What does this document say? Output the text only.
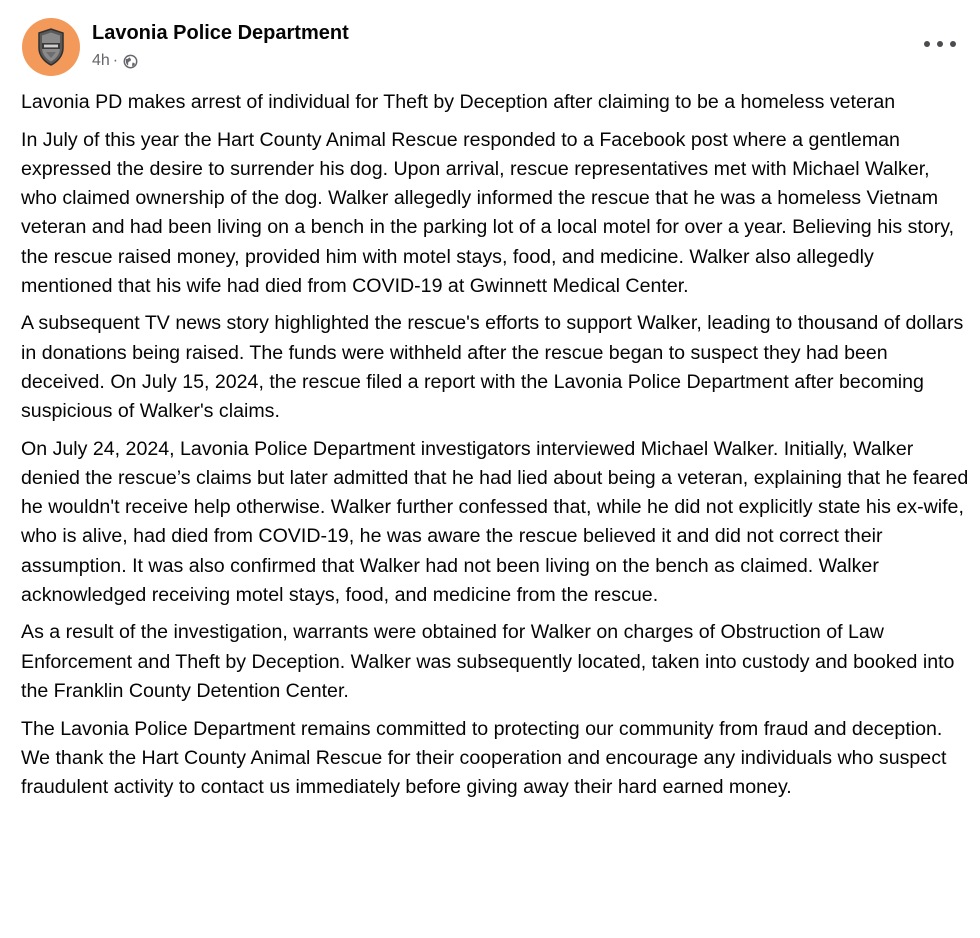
Lavonia Police Department
4h ·

Lavonia PD makes arrest of individual for Theft by Deception after claiming to be a homeless veteran

In July of this year the Hart County Animal Rescue responded to a Facebook post where a gentleman expressed the desire to surrender his dog. Upon arrival, rescue representatives met with Michael Walker, who claimed ownership of the dog. Walker allegedly informed the rescue that he was a homeless Vietnam veteran and had been living on a bench in the parking lot of a local motel for over a year. Believing his story, the rescue raised money, provided him with motel stays, food, and medicine. Walker also allegedly mentioned that his wife had died from COVID-19 at Gwinnett Medical Center.

A subsequent TV news story highlighted the rescue's efforts to support Walker, leading to thousand of dollars in donations being raised. The funds were withheld after the rescue began to suspect they had been deceived. On July 15, 2024, the rescue filed a report with the Lavonia Police Department after becoming suspicious of Walker's claims.

On July 24, 2024, Lavonia Police Department investigators interviewed Michael Walker. Initially, Walker denied the rescue’s claims but later admitted that he had lied about being a veteran, explaining that he feared he wouldn't receive help otherwise. Walker further confessed that, while he did not explicitly state his ex-wife, who is alive, had died from COVID-19, he was aware the rescue believed it and did not correct their assumption. It was also confirmed that Walker had not been living on the bench as claimed. Walker acknowledged receiving motel stays, food, and medicine from the rescue.

As a result of the investigation, warrants were obtained for Walker on charges of Obstruction of Law Enforcement and Theft by Deception. Walker was subsequently located, taken into custody and booked into the Franklin County Detention Center.

The Lavonia Police Department remains committed to protecting our community from fraud and deception. We thank the Hart County Animal Rescue for their cooperation and encourage any individuals who suspect fraudulent activity to contact us immediately before giving away their hard earned money.
